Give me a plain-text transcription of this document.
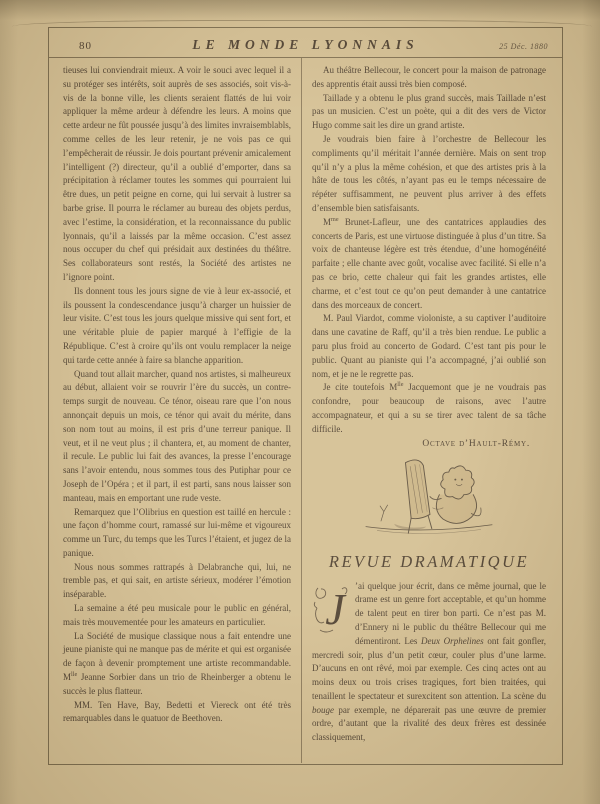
80	LE MONDE LYONNAIS	25 Déc. 1880

tieuses lui conviendrait mieux. A voir le souci avec lequel il a su protéger ses intérêts, soit auprès de ses associés, soit vis-à-vis de la bonne ville, les clients seraient flattés de lui voir appliquer la même ardeur à défendre les leurs. A moins que cette ardeur ne fût poussée jusqu’à des limites invraisemblabls, comme celles de les leur retenir, je ne vois pas ce qui l’empêcherait de réussir. Je dois pourtant prévenir amicalement l’intelligent (?) directeur, qu’il a oublié d’emporter, dans sa précipitation à réclamer toutes les sommes qui pourraient lui être dues, un petit peigne en corne, qui lui servait à lustrer sa barbe grise. Il pourra le réclamer au bureau des objets perdus, avec l’estime, la considération, et la reconnaissance du public lyonnais, qu’il a laissés par la même occasion. C’est assez nous occuper du chef qui présidait aux destinées du théâtre. Ses collaborateurs sont restés, la Société des artistes ne l’ignore point.

Ils donnent tous les jours signe de vie à leur ex-associé, et ils poussent la condescendance jusqu’à charger un huissier de leur visite. C’est tous les jours quelque missive qui sent fort, et une véritable pluie de papier marqué à l’effigie de la République. C’est à croire qu’ils ont voulu remplacer la neige qui tarde cette année à faire sa blanche apparition.

Quand tout allait marcher, quand nos artistes, si malheureux au début, allaient voir se rouvrir l’ère du succès, un contre-temps surgit de nouveau. Ce ténor, oiseau rare que l’on nous annonçait depuis un mois, ce ténor qui avait du mérite, dans son nom tout au moins, il est pris d’une terreur panique. Il veut, et il ne veut plus ; il chantera, et, au moment de chanter, il recule. Le public lui fait des avances, la presse l’encourage sans l’avoir entendu, nous sommes tous des Putiphar pour ce Joseph de l’Opéra ; et il part, il est parti, sans nous laisser son manteau, mais en emportant une rude veste.

Remarquez que l’Olibrius en question est taillé en hercule : une façon d’homme court, ramassé sur lui-même et vigoureux comme un Turc, du temps que les Turcs l’étaient, et jugez de la panique.

Nous nous sommes rattrapés à Delabranche qui, lui, ne tremble pas, et qui sait, en artiste sérieux, modérer l’émotion inséparable.

La semaine a été peu musicale pour le public en général, mais très mouvementée pour les amateurs en particulier.

La Société de musique classique nous a fait entendre une jeune pianiste qui ne manque pas de mérite et qui est organisée de façon à devenir promptement une artiste recommandable. $M^{lle}$ Jeanne Sorbier dans un trio de Rheinberger a obtenu le succès le plus flatteur.

MM. Ten Have, Bay, Bedetti et Viereck ont été très remarquables dans le quatuor de Beethoven.

Au théâtre Bellecour, le concert pour la maison de patronage des apprentis était aussi très bien composé.

Taillade y a obtenu le plus grand succès, mais Taillade n’est pas un musicien. C’est un poète, qui a dit des vers de Victor Hugo comme sait les dire un grand artiste.

Je voudrais bien faire à l’orchestre de Bellecour les compliments qu’il méritait l’année dernière. Mais on sent trop qu’il n’y a plus la même cohésion, et que des artistes pris à la hâte de tous les côtés, n’ayant pas eu le temps nécessaire de répéter suffisamment, ne peuvent plus arriver à des effets d’ensemble bien satisfaisants.

$M^{me}$ Brunet-Lafleur, une des cantatrices applaudies des concerts de Paris, est une virtuose distinguée à plus d’un titre. Sa voix de chanteuse légère est très étendue, d’une homogénéité parfaite ; elle chante avec goût, vocalise avec facilité. Si elle n’a pas ce brio, cette chaleur qui fait les grandes artistes, elle charme, et c’est tout ce qu’on peut demander à une cantatrice dans des morceaux de concert.

M. Paul Viardot, comme violoniste, a su captiver l’auditoire dans une cavatine de Raff, qu’il a très bien rendue. Le public a paru plus froid au concerto de Godard. C’est tant pis pour le public. Quant au pianiste qui l’a accompagné, j’ai oublié son nom, et je ne le regrette pas.

Je cite toutefois $M^{lle}$ Jacquemont que je ne voudrais pas confondre, pour beaucoup de raisons, avec l’autre accompagnateur, et qui a su se tirer avec talent de sa tâche difficile.

Octave d’Hault-Rémy.
REVUE DRAMATIQUE
J	’ai quelque jour écrit, dans ce même journal, que le drame est un genre fort acceptable, et qu’un homme de talent peut en tirer bon parti. Ce n’est pas M. d’Ennery ni le public du théâtre Bellecour qui me démentiront. Les Deux Orphelines ont fait gonfler, mercredi soir, plus d’un petit cœur, couler plus d’une larme. D’aucuns en ont rêvé, moi par exemple. Ces cinq actes ont au moins deux ou trois crises tragiques, fort bien traitées, qui tenaillent le spectateur et surexcitent son attention. La scène du bouge par exemple, ne déparerait pas une œuvre de premier ordre, d’autant que la rivalité des deux frères est dessinée classiquement,
